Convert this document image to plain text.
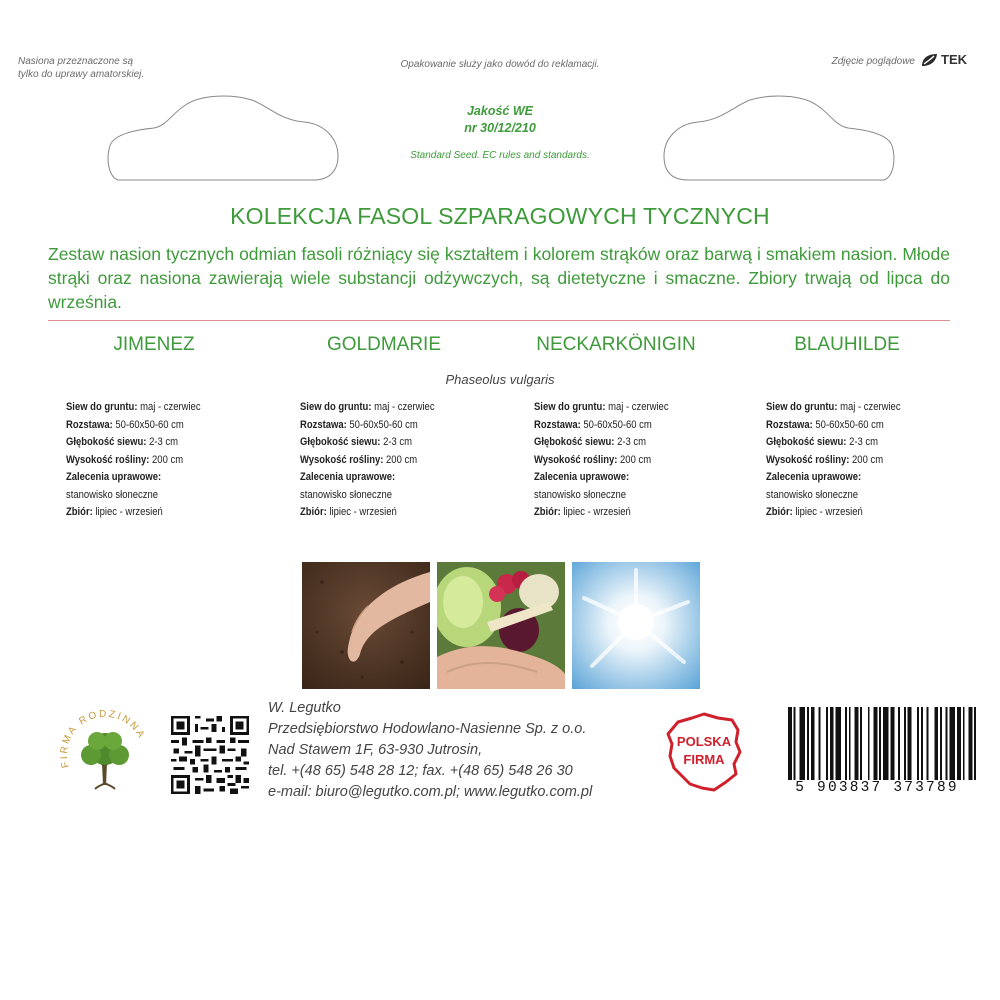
Nasiona przeznaczone są
tylko do uprawy amatorskiej.
Opakowanie służy jako dowód do reklamacji.	Zdjęcie poglądowe TEK
Jakość WE
nr 30/12/210
Standard Seed. EC rules and standards.
KOLEKCJA FASOL SZPARAGOWYCH TYCZNYCH
Zestaw nasion tycznych odmian fasoli różniący się kształtem i kolorem strąków oraz barwą i smakiem nasion. Młode strąki oraz nasiona zawierają wiele substancji odżywczych, są dietetyczne i smaczne. Zbiory trwają od lipca do września.
JIMENEZ	GOLDMARIE	NECKARKÖNIGIN	BLAUHILDE
Phaseolus vulgaris
Siew do gruntu: maj - czerwiec
Rozstawa: 50-60x50-60 cm
Głębokość siewu: 2-3 cm
Wysokość rośliny: 200 cm
Zalecenia uprawowe:
stanowisko słoneczne
Zbiór: lipiec - wrzesień
Siew do gruntu: maj - czerwiec
Rozstawa: 50-60x50-60 cm
Głębokość siewu: 2-3 cm
Wysokość rośliny: 200 cm
Zalecenia uprawowe:
stanowisko słoneczne
Zbiór: lipiec - wrzesień
Siew do gruntu: maj - czerwiec
Rozstawa: 50-60x50-60 cm
Głębokość siewu: 2-3 cm
Wysokość rośliny: 200 cm
Zalecenia uprawowe:
stanowisko słoneczne
Zbiór: lipiec - wrzesień
Siew do gruntu: maj - czerwiec
Rozstawa: 50-60x50-60 cm
Głębokość siewu: 2-3 cm
Wysokość rośliny: 200 cm
Zalecenia uprawowe:
stanowisko słoneczne
Zbiór: lipiec - wrzesień
FIRMA RODZINNA
W. Legutko
Przedsiębiorstwo Hodowlano-Nasienne Sp. z o.o.
Nad Stawem 1F, 63-930 Jutrosin,
tel. +(48 65) 548 28 12; fax. +(48 65) 548 26 30
e-mail: biuro@legutko.com.pl; www.legutko.com.pl
POLSKA
FIRMA
5 903837 373789
